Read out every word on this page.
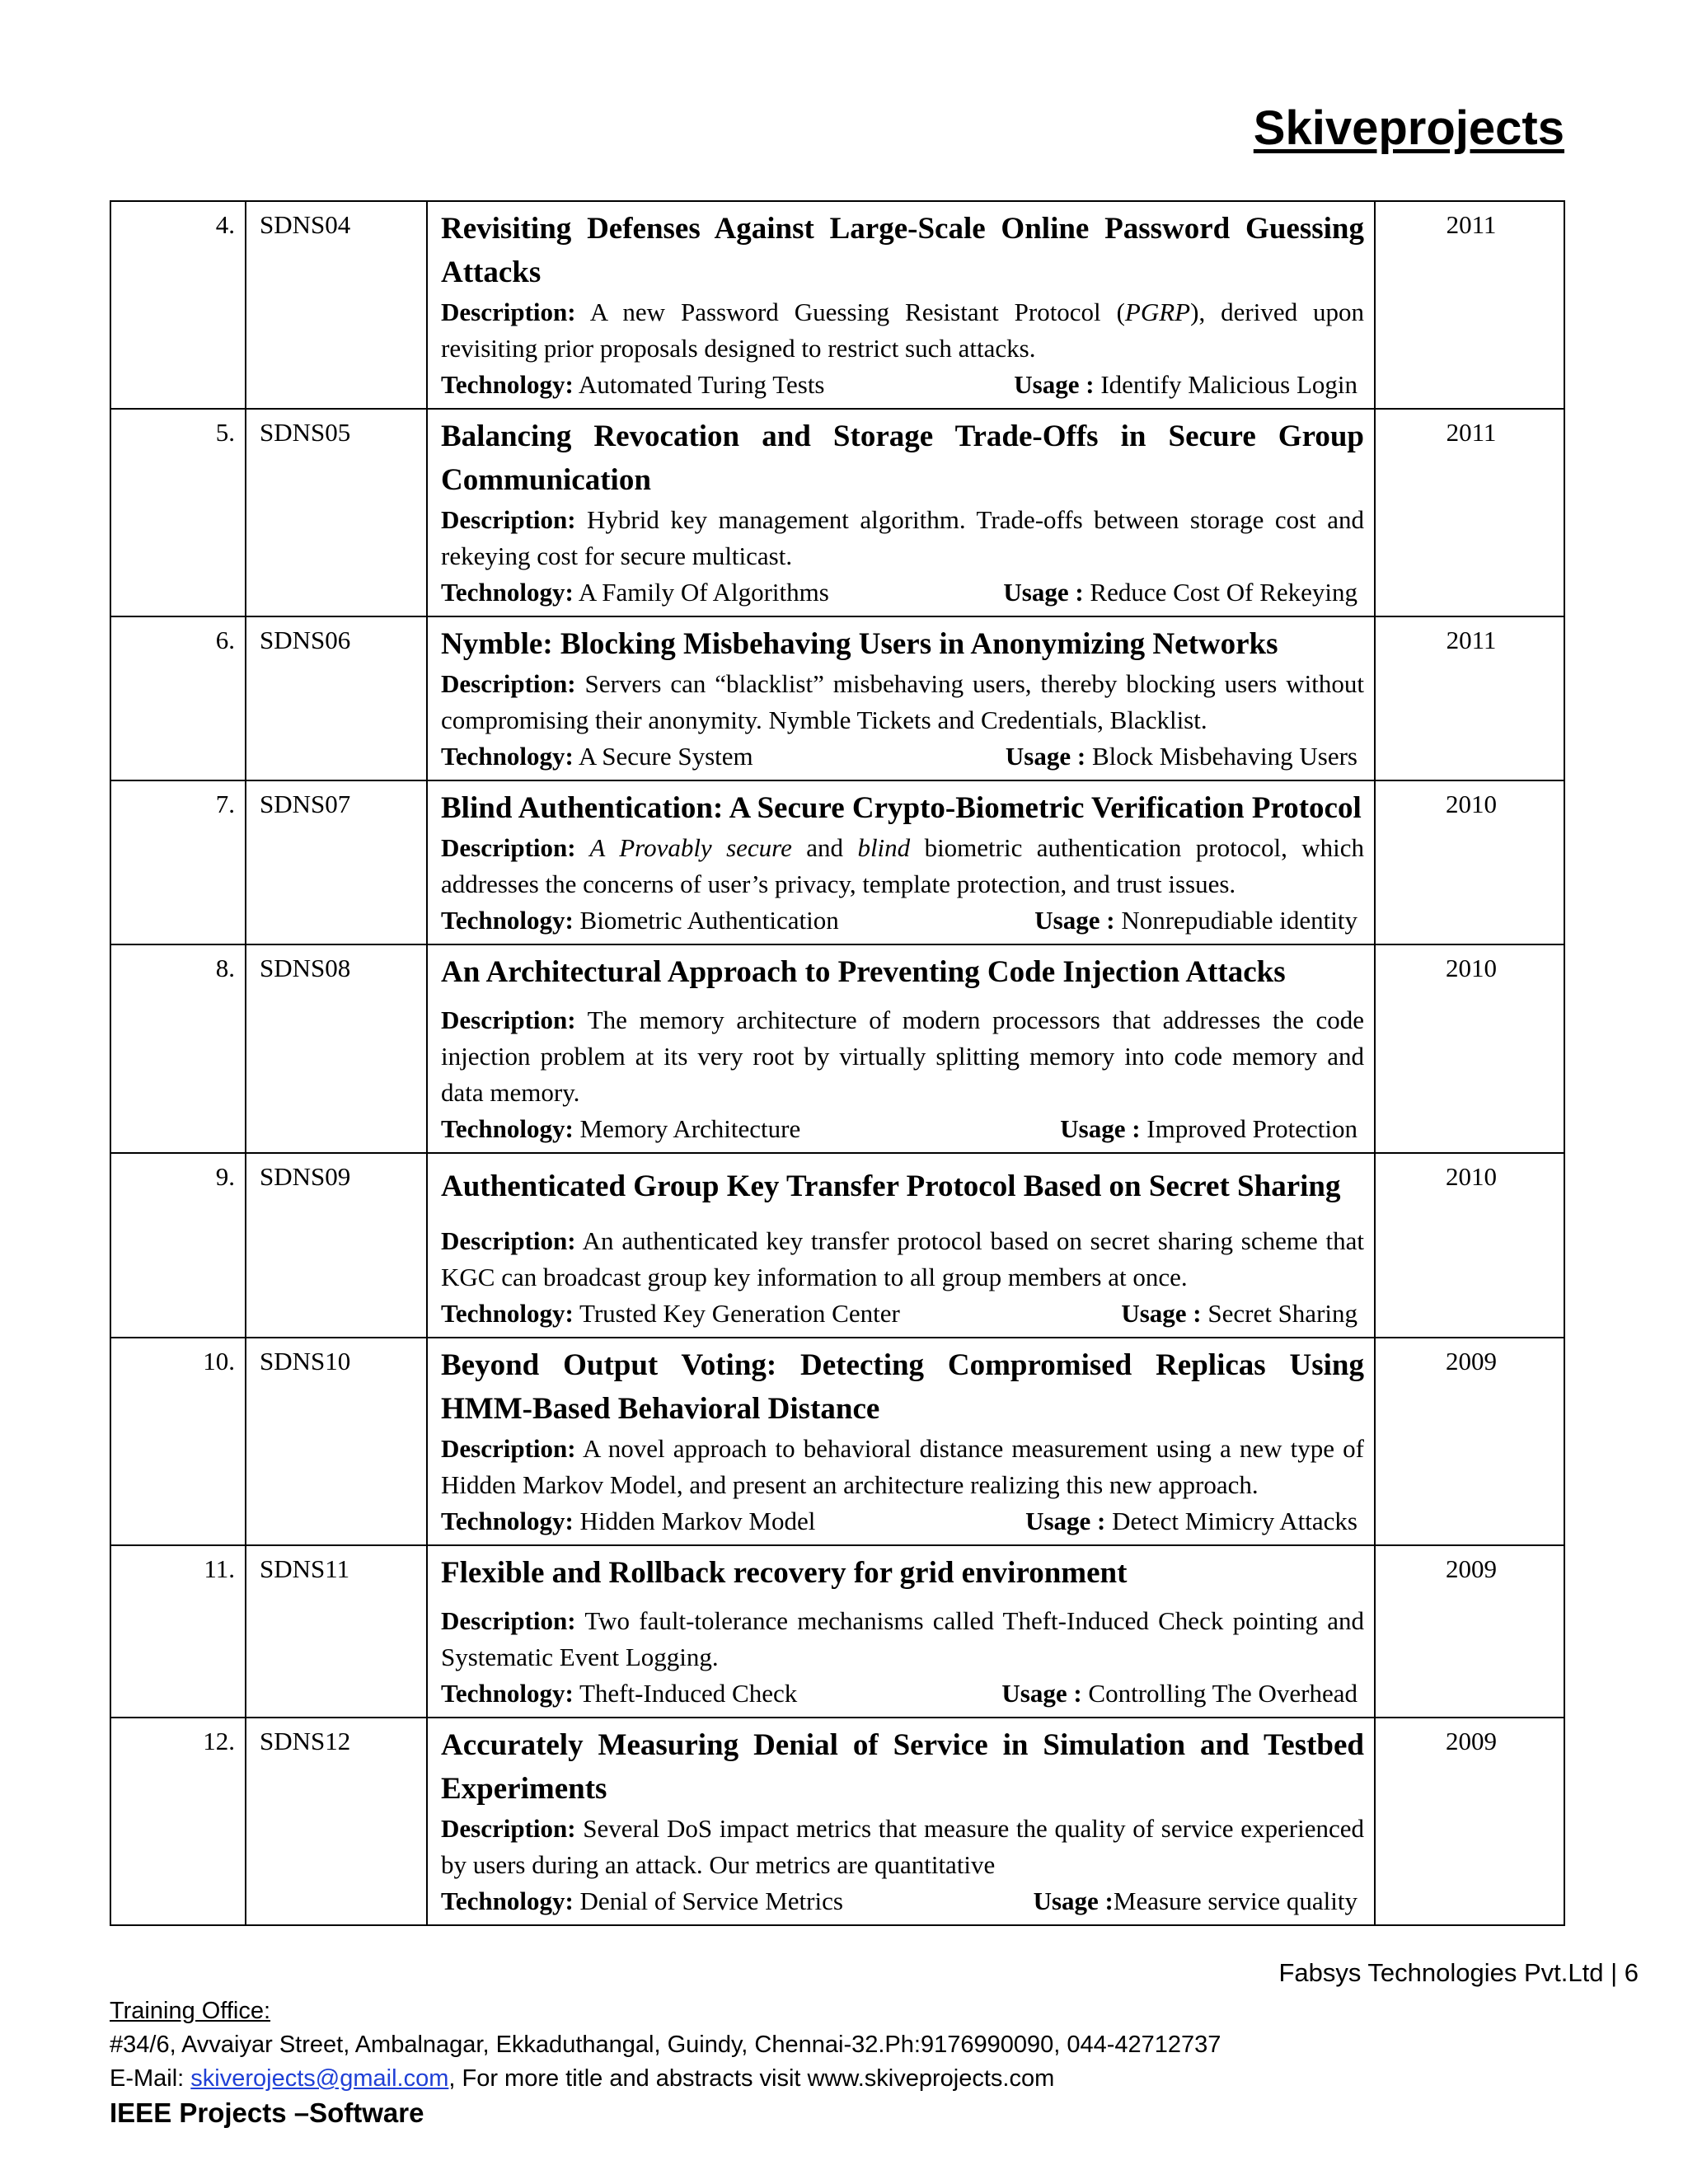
Skiveprojects
4.	SDNS04	Revisiting Defenses Against Large-Scale Online Password Guessing Attacks

Description: A new Password Guessing Resistant Protocol (PGRP), derived upon revisiting prior proposals designed to restrict such attacks.

Technology: Automated Turing Tests Usage : Identify Malicious Login	2011
5.	SDNS05	Balancing Revocation and Storage Trade-Offs in Secure Group Communication

Description: Hybrid key management algorithm. Trade-offs between storage cost and rekeying cost for secure multicast.

Technology: A Family Of Algorithms Usage : Reduce Cost Of Rekeying	2011
6.	SDNS06	Nymble: Blocking Misbehaving Users in Anonymizing Networks

Description: Servers can “blacklist” misbehaving users, thereby blocking users without compromising their anonymity. Nymble Tickets and Credentials, Blacklist.

Technology: A Secure System Usage : Block Misbehaving Users	2011
7.	SDNS07	Blind Authentication: A Secure Crypto-Biometric Verification Protocol

Description: A Provably secure and blind biometric authentication protocol, which addresses the concerns of user’s privacy, template protection, and trust issues.

Technology: Biometric Authentication Usage : Nonrepudiable identity	2010
8.	SDNS08	An Architectural Approach to Preventing Code Injection Attacks

Description: The memory architecture of modern processors that addresses the code injection problem at its very root by virtually splitting memory into code memory and data memory.

Technology: Memory Architecture Usage : Improved Protection	2010
9.	SDNS09	Authenticated Group Key Transfer Protocol Based on Secret Sharing

Description: An authenticated key transfer protocol based on secret sharing scheme that KGC can broadcast group key information to all group members at once.

Technology: Trusted Key Generation Center Usage : Secret Sharing	2010
10.	SDNS10	Beyond Output Voting: Detecting Compromised Replicas Using HMM-Based Behavioral Distance

Description: A novel approach to behavioral distance measurement using a new type of Hidden Markov Model, and present an architecture realizing this new approach.

Technology: Hidden Markov Model Usage : Detect Mimicry Attacks	2009
11.	SDNS11	Flexible and Rollback recovery for grid environment

Description: Two fault-tolerance mechanisms called Theft-Induced Check pointing and Systematic Event Logging.

Technology: Theft-Induced Check Usage : Controlling The Overhead	2009
12.	SDNS12	Accurately Measuring Denial of Service in Simulation and Testbed Experiments

Description: Several DoS impact metrics that measure the quality of service experienced by users during an attack. Our metrics are quantitative

Technology: Denial of Service Metrics Usage :Measure service quality	2009
Fabsys Technologies Pvt.Ltd | 6
Training Office:
#34/6, Avvaiyar Street, Ambalnagar, Ekkaduthangal, Guindy, Chennai-32.Ph:9176990090, 044-42712737
E-Mail: skiverojects@gmail.com, For more title and abstracts visit www.skiveprojects.com
IEEE Projects –Software
